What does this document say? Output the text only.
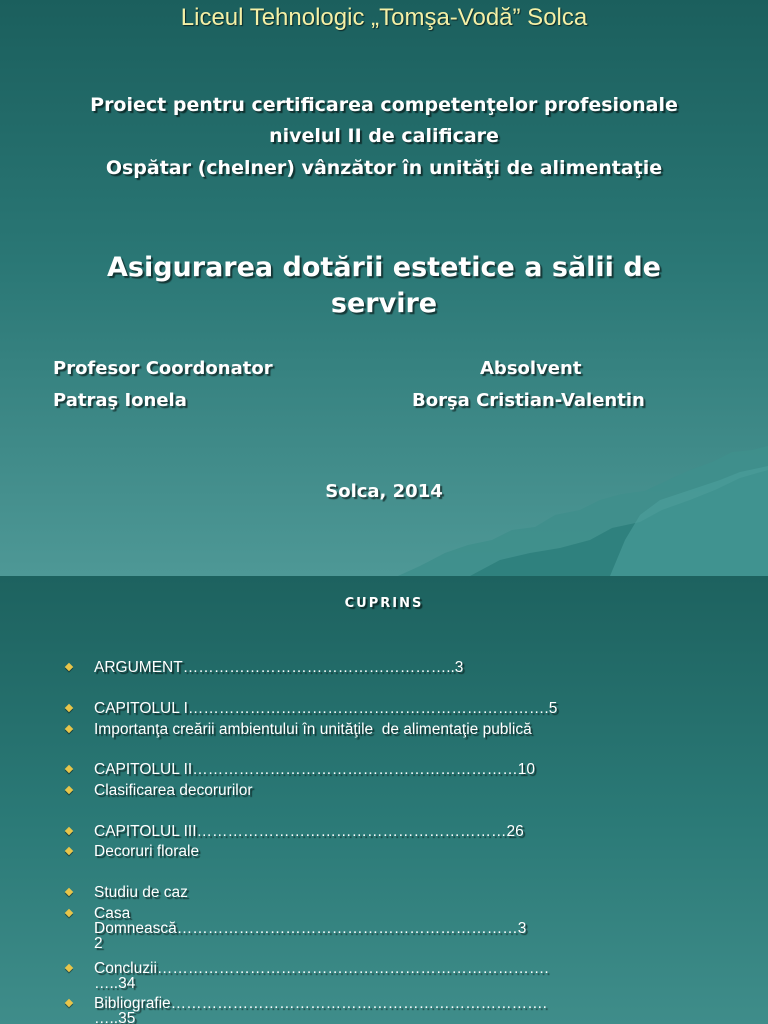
Liceul Tehnologic „Tomşa-Vodă” Solca
Proiect pentru certificarea competenţelor profesionale
nivelul II de calificare
Ospătar (chelner) vânzător în unităţi de alimentaţie
Asigurarea dotării estetice a sălii de
servire
Profesor Coordonator
Patraş Ionela
Absolvent
Borşa Cristian-Valentin
Solca, 2014
CUPRINS
ARGUMENT……………………………………………..3
CAPITOLUL I…………………………………………………………….5
Importanţa creării ambientului în unităţile  de alimentaţie publică
CAPITOLUL II………………………………………………………10
Clasificarea decorurilor
CAPITOLUL III……………………………………………………26
Decoruri florale
Studiu de caz
Casa
Domnească…………………………………………………………3
2
Concluzii………………………………………………………………….
…..34
Bibliografie……………………………………………………………….
…..35
